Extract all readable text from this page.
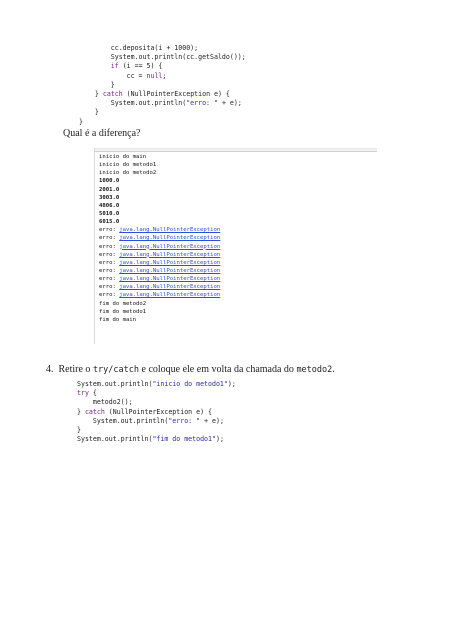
cc.deposita(i + 1000);
System.out.println(cc.getSaldo());
if (i == 5) {
cc = null;
}
} catch (NullPointerException e) {
System.out.println("erro: " + e);
}
}
Qual é a diferença?
inicio do main
inicio do metodo1
inicio do metodo2
1000.0
2001.0
3003.0
4006.0
5010.0
6015.0
erro: java.lang.NullPointerException
erro: java.lang.NullPointerException
erro: java.lang.NullPointerException
erro: java.lang.NullPointerException
erro: java.lang.NullPointerException
erro: java.lang.NullPointerException
erro: java.lang.NullPointerException
erro: java.lang.NullPointerException
erro: java.lang.NullPointerException
fim do metodo2
fim do metodo1
fim do main
4. Retire o try/catch e coloque ele em volta da chamada do metodo2.
System.out.println("inicio do metodo1");
try {
metodo2();
} catch (NullPointerException e) {
System.out.println("erro: " + e);
}
System.out.println("fim do metodo1");
